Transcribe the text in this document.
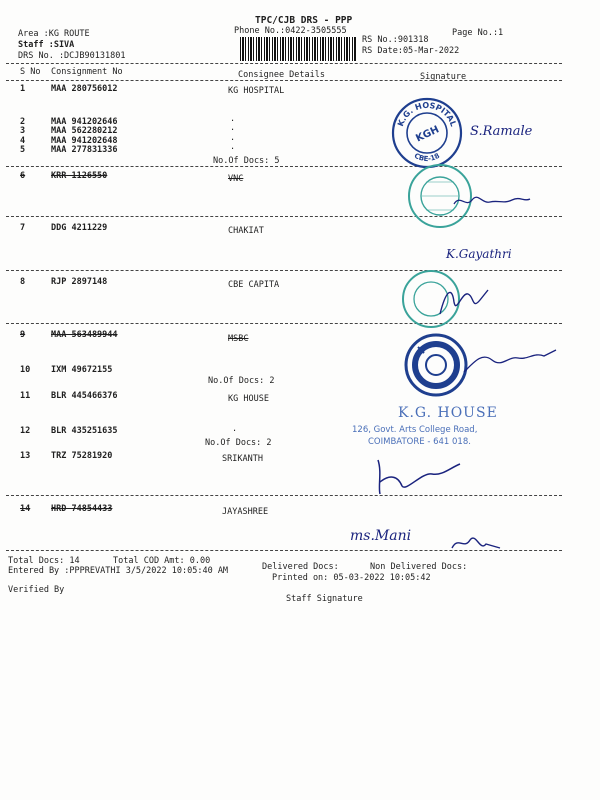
TPC/CJB DRS - PPP
Phone No.:0422-3505555
Area :KG ROUTE
Staff :SIVA
DRS No. :DCJB90131801
RS No.:901318
RS Date:05-Mar-2022
Page No.:1
S No Consignment No	Consignee Details	Signature
1	MAA 280756012	KG HOSPITAL
2	MAA 941202646	.
3	MAA 562280212	.
4	MAA 941202648	.
5	MAA 277831336	.
No.Of Docs: 5
6	KRR 1126550	VNC
7	DDG 4211229	CHAKIAT
8	RJP 2897148	CBE CAPITA
9	MAA 563489944	MSBC
10 IXM 49672155
No.Of Docs: 2
11 BLR 445466376	KG HOUSE
12 BLR 435251635	.
No.Of Docs: 2
13 TRZ 75281920	SRIKANTH
14 HRD 74854433	JAYASHREE
Total Docs: 14	Total COD Amt: 0.00
Delivered Docs:	Non Delivered Docs:
Entered By :PPPREVATHI 3/5/2022 10:05:40 AM
Printed on: 05-03-2022 10:05:42
Verified By
Staff Signature
K.G. HOSPITAL
CBE-18
KGH
K.G. HOUSE
126, Govt. Arts College Road,
COIMBATORE - 641 018.
S.Ramale
K.Gayathri
ms.Mani
